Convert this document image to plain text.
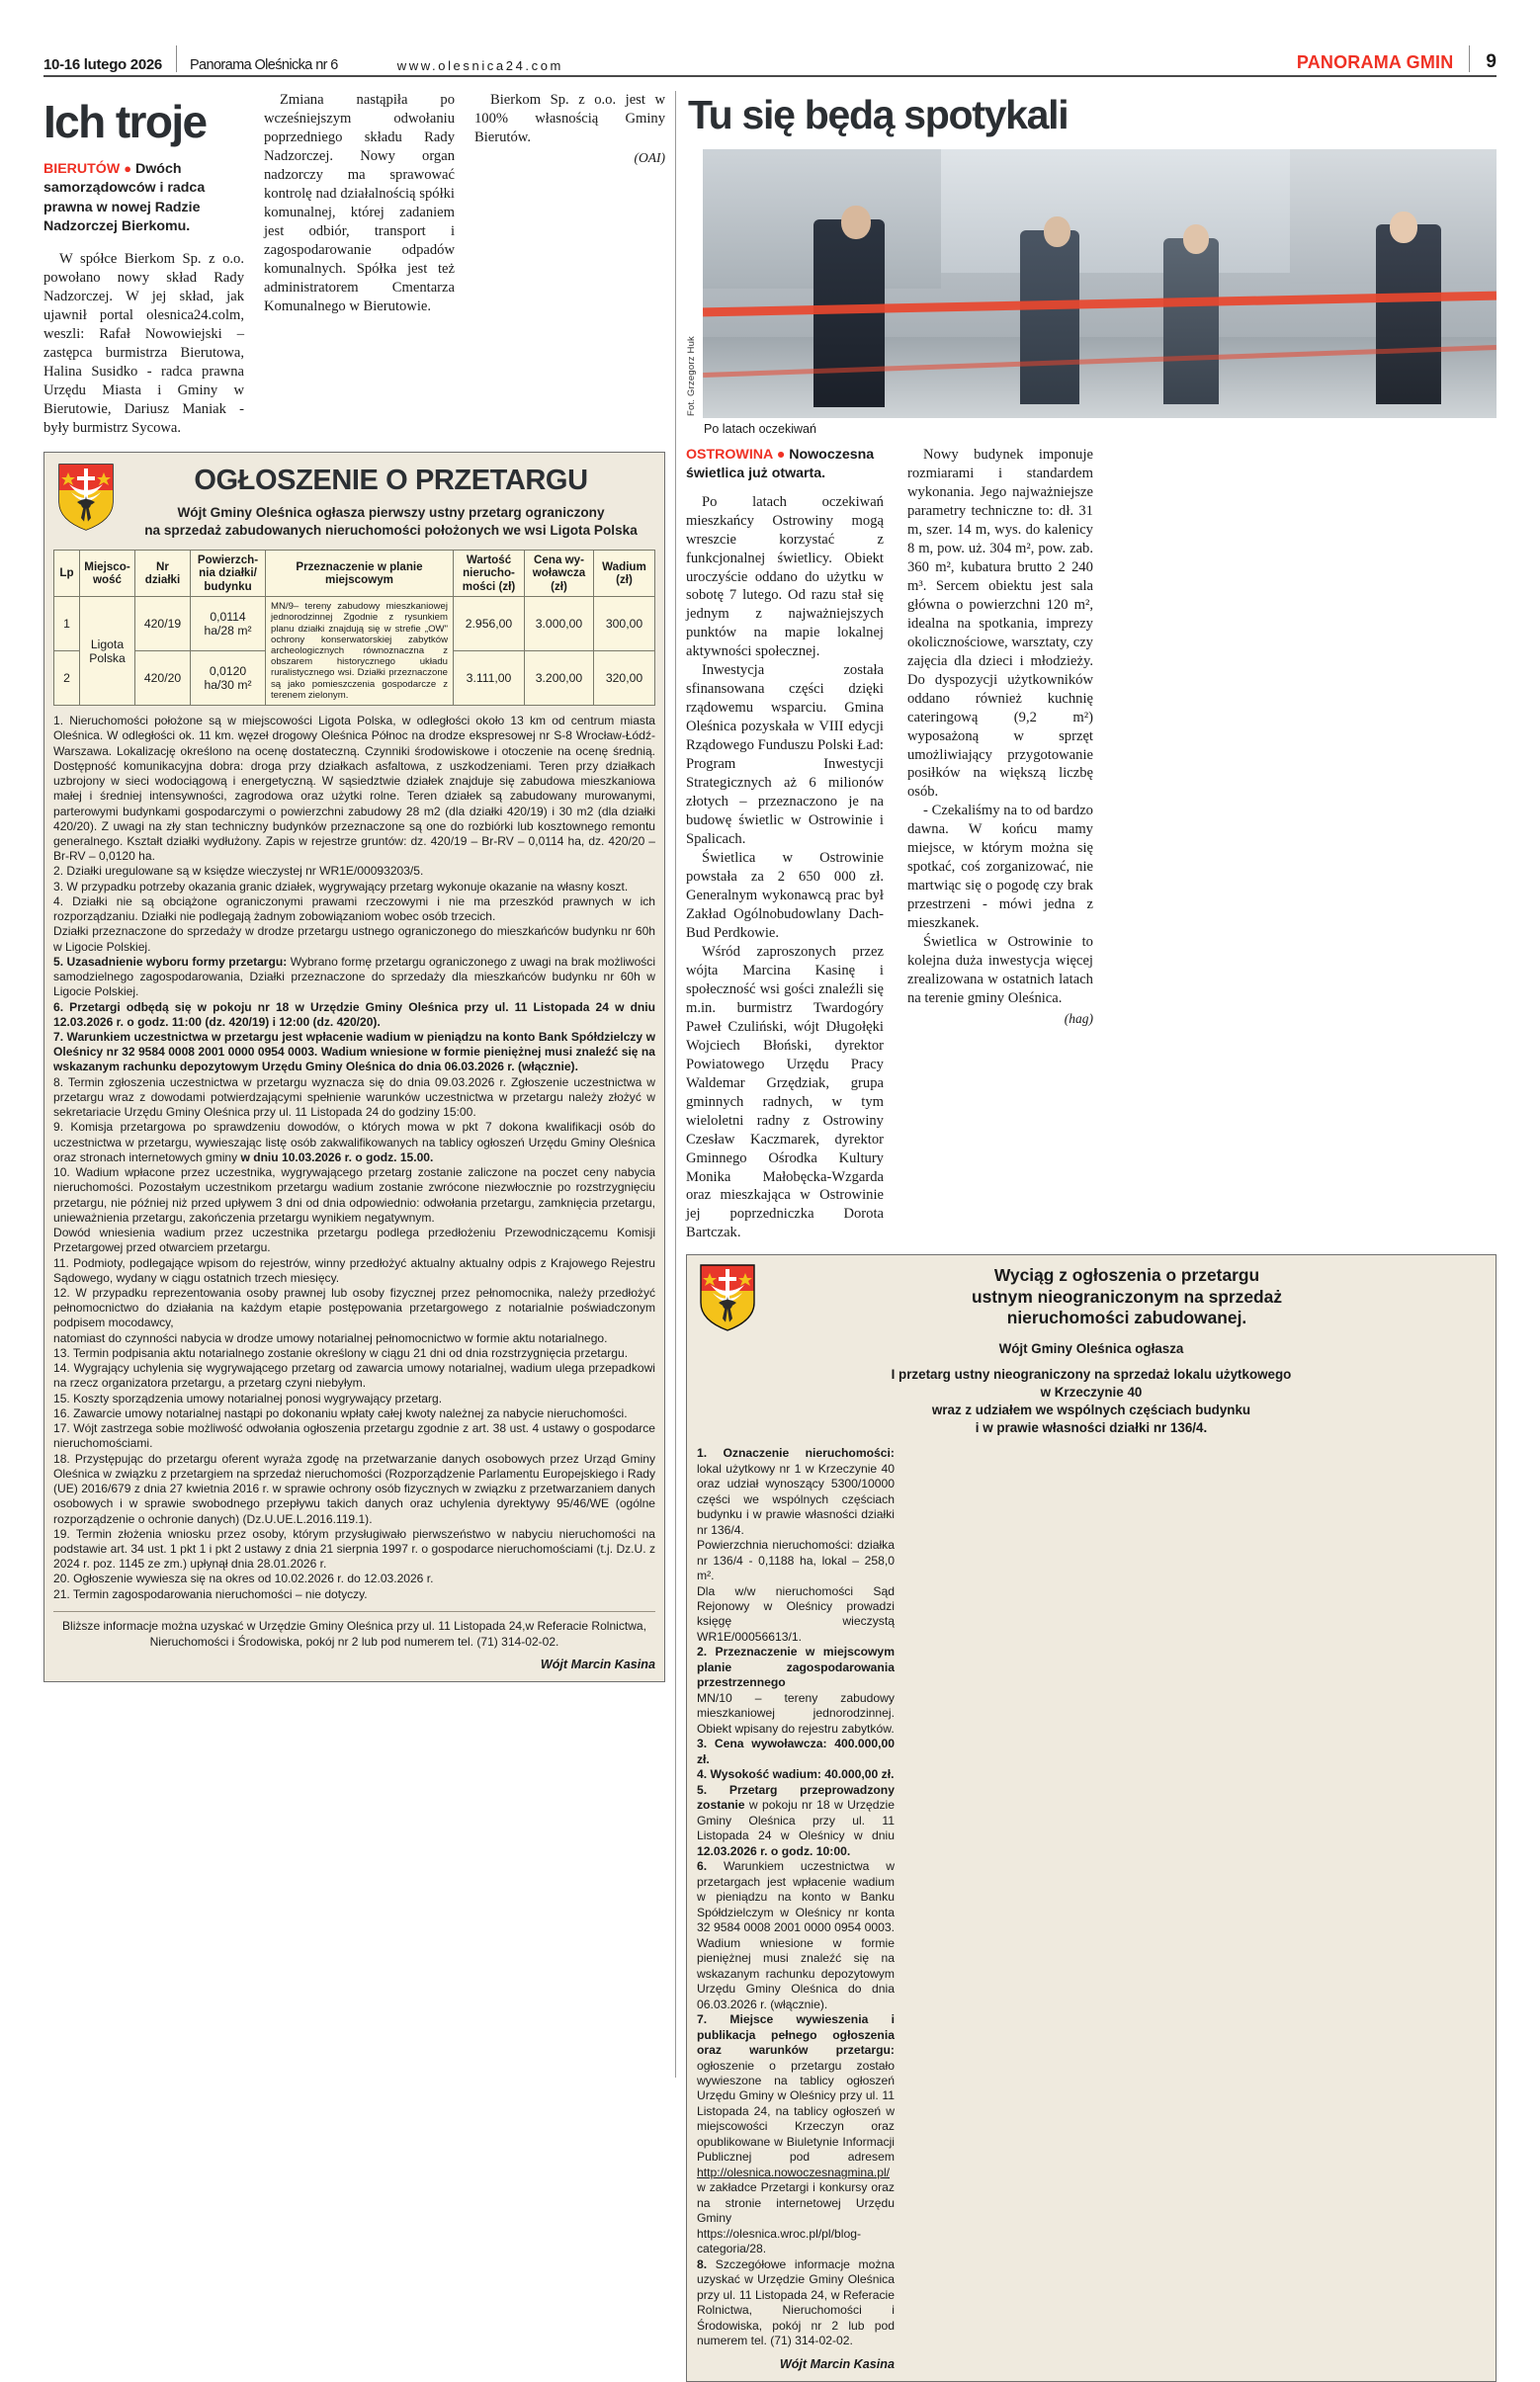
10-16 lutego 2026	Panorama Oleśnicka nr 6	www.olesnica24.com	PANORAMA GMIN	9
Ich troje
BIERUTÓW ● Dwóch samorządowców i radca prawna w nowej Radzie Nadzorczej Bierkomu.

W spółce Bierkom Sp. z o.o. powołano nowy skład Rady Nadzorczej. W jej skład, jak ujawnił portal olesnica24.colm, weszli: Rafał Nowowiejski – zastępca burmistrza Bierutowa, Halina Susidko - radca prawna Urzędu Miasta i Gminy w Bierutowie, Dariusz Maniak - były burmistrz Sycowa.

Zmiana nastąpiła po wcześniejszym odwołaniu poprzedniego składu Rady Nadzorczej. Nowy organ nadzorczy ma sprawować kontrolę nad działalnością spółki komunalnej, której zadaniem jest odbiór, transport i zagospodarowanie odpadów komunalnych. Spółka jest też administratorem Cmentarza Komunalnego w Bierutowie.

Bierkom Sp. z o.o. jest w 100% własnością Gminy Bierutów.

(OAI)
OGŁOSZENIE O PRZETARGU
Wójt Gminy Oleśnica ogłasza pierwszy ustny przetarg ograniczony
na sprzedaż zabudowanych nieruchomości położonych we wsi Ligota Polska
Lp	Miejsco-wość	Nr działki	Powierzch-nia działki/ budynku	Przeznaczenie w planie miejscowym	Wartość nierucho-mości (zł)	Cena wy-woławcza (zł)	Wadium (zł)
1	Ligota Polska	420/19	0,0114 ha/28 m²	MN/9– tereny zabudowy mieszkaniowej jednorodzinnej Zgodnie z rysunkiem planu działki znajdują się w strefie „OW" ochrony konserwatorskiej zabytków archeologicznych równoznaczna z obszarem historycznego układu ruralistycznego wsi. Działki przeznaczone są jako pomieszczenia gospodarcze z terenem zielonym.	2.956,00	3.000,00	300,00
2		420/20	0,0120 ha/30 m²		3.111,00	3.200,00	320,00

1. Nieruchomości położone są w miejscowości Ligota Polska, w odległości około 13 km od centrum miasta Oleśnica. W odległości ok. 11 km. węzeł drogowy Oleśnica Północ na drodze ekspresowej nr S-8 Wrocław-Łódź-Warszawa. Lokalizację określono na ocenę dostateczną. Czynniki środowiskowe i otoczenie na ocenę średnią. Dostępność komunikacyjna dobra: droga przy działkach asfaltowa, z uszkodzeniami. Teren przy działkach uzbrojony w sieci wodociągową i energetyczną. W sąsiedztwie działek znajduje się zabudowa mieszkaniowa małej i średniej intensywności, zagrodowa oraz użytki rolne. Teren działek są zabudowany murowanymi, parterowymi budynkami gospodarczymi o powierzchni zabudowy 28 m2 (dla działki 420/19) i 30 m2 (dla działki 420/20). Z uwagi na zły stan techniczny budynków przeznaczone są one do rozbiórki lub kosztownego remontu generalnego. Kształt działki wydłużony. Zapis w rejestrze gruntów: dz. 420/19 – Br-RV – 0,0114 ha, dz. 420/20 – Br-RV – 0,0120 ha.

2. Działki uregulowane są w księdze wieczystej nr WR1E/00093203/5.

3. W przypadku potrzeby okazania granic działek, wygrywający przetarg wykonuje okazanie na własny koszt.

4. Działki nie są obciążone ograniczonymi prawami rzeczowymi i nie ma przeszkód prawnych w ich rozporządzaniu. Działki nie podlegają żadnym zobowiązaniom wobec osób trzecich.

Działki przeznaczone do sprzedaży w drodze przetargu ustnego ograniczonego do mieszkańców budynku nr 60h w Ligocie Polskiej.

5. Uzasadnienie wyboru formy przetargu: Wybrano formę przetargu ograniczonego z uwagi na brak możliwości samodzielnego zagospodarowania, Działki przeznaczone do sprzedaży dla mieszkańców budynku nr 60h w Ligocie Polskiej.

6. Przetargi odbędą się w pokoju nr 18 w Urzędzie Gminy Oleśnica przy ul. 11 Listopada 24 w dniu 12.03.2026 r. o godz. 11:00 (dz. 420/19) i 12:00 (dz. 420/20).

7. Warunkiem uczestnictwa w przetargu jest wpłacenie wadium w pieniądzu na konto Bank Spółdzielczy w Oleśnicy nr 32 9584 0008 2001 0000 0954 0003. Wadium wniesione w formie pieniężnej musi znaleźć się na wskazanym rachunku depozytowym Urzędu Gminy Oleśnica do dnia 06.03.2026 r. (włącznie).

8. Termin zgłoszenia uczestnictwa w przetargu wyznacza się do dnia 09.03.2026 r. Zgłoszenie uczestnictwa w przetargu wraz z dowodami potwierdzającymi spełnienie warunków uczestnictwa w przetargu należy złożyć w sekretariacie Urzędu Gminy Oleśnica przy ul. 11 Listopada 24 do godziny 15:00.

9. Komisja przetargowa po sprawdzeniu dowodów, o których mowa w pkt 7 dokona kwalifikacji osób do uczestnictwa w przetargu, wywieszając listę osób zakwalifikowanych na tablicy ogłoszeń Urzędu Gminy Oleśnica oraz stronach internetowych gminy w dniu 10.03.2026 r. o godz. 15.00.

10. Wadium wpłacone przez uczestnika, wygrywającego przetarg zostanie zaliczone na poczet ceny nabycia nieruchomości. Pozostałym uczestnikom przetargu wadium zostanie zwrócone niezwłocznie po rozstrzygnięciu przetargu, nie później niż przed upływem 3 dni od dnia odpowiednio: odwołania przetargu, zamknięcia przetargu, unieważnienia przetargu, zakończenia przetargu wynikiem negatywnym.

Dowód wniesienia wadium przez uczestnika przetargu podlega przedłożeniu Przewodniczącemu Komisji Przetargowej przed otwarciem przetargu.

11. Podmioty, podlegające wpisom do rejestrów, winny przedłożyć aktualny aktualny odpis z Krajowego Rejestru Sądowego, wydany w ciągu ostatnich trzech miesięcy.

12. W przypadku reprezentowania osoby prawnej lub osoby fizycznej przez pełnomocnika, należy przedłożyć pełnomocnictwo do działania na każdym etapie postępowania przetargowego z notarialnie poświadczonym podpisem mocodawcy,

natomiast do czynności nabycia w drodze umowy notarialnej pełnomocnictwo w formie aktu notarialnego.

13. Termin podpisania aktu notarialnego zostanie określony w ciągu 21 dni od dnia rozstrzygnięcia przetargu.

14. Wygrający uchylenia się wygrywającego przetarg od zawarcia umowy notarialnej, wadium ulega przepadkowi na rzecz organizatora przetargu, a przetarg czyni niebyłym.

15. Koszty sporządzenia umowy notarialnej ponosi wygrywający przetarg.

16. Zawarcie umowy notarialnej nastąpi po dokonaniu wpłaty całej kwoty należnej za nabycie nieruchomości.

17. Wójt zastrzega sobie możliwość odwołania ogłoszenia przetargu zgodnie z art. 38 ust. 4 ustawy o gospodarce nieruchomościami.

18. Przystępując do przetargu oferent wyraża zgodę na przetwarzanie danych osobowych przez Urząd Gminy Oleśnica w związku z przetargiem na sprzedaż nieruchomości (Rozporządzenie Parlamentu Europejskiego i Rady (UE) 2016/679 z dnia 27 kwietnia 2016 r. w sprawie ochrony osób fizycznych w związku z przetwarzaniem danych osobowych i w sprawie swobodnego przepływu takich danych oraz uchylenia dyrektywy 95/46/WE (ogólne rozporządzenie o ochronie danych) (Dz.U.UE.L.2016.119.1).

19. Termin złożenia wniosku przez osoby, którym przysługiwało pierwszeństwo w nabyciu nieruchomości na podstawie art. 34 ust. 1 pkt 1 i pkt 2 ustawy z dnia 21 sierpnia 1997 r. o gospodarce nieruchomościami (t.j. Dz.U. z 2024 r. poz. 1145 ze zm.) upłynął dnia 28.01.2026 r.

20. Ogłoszenie wywiesza się na okres od 10.02.2026 r. do 12.03.2026 r.

21. Termin zagospodarowania nieruchomości – nie dotyczy.

Bliższe informacje można uzyskać w Urzędzie Gminy Oleśnica przy ul. 11 Listopada 24,w Referacie Rolnictwa,
Nieruchomości i Środowiska, pokój nr 2 lub pod numerem tel. (71) 314-02-02.
Wójt Marcin Kasina
Tu się będą spotykali
Fot. Grzegorz Huk
Po latach oczekiwań
OSTROWINA ● Nowoczesna świetlica już otwarta.

Po latach oczekiwań mieszkańcy Ostrowiny mogą wreszcie korzystać z funkcjonalnej świetlicy. Obiekt uroczyście oddano do użytku w sobotę 7 lutego. Od razu stał się jednym z najważniejszych punktów na mapie lokalnej aktywności społecznej.

Inwestycja została sfinansowana części dzięki rządowemu wsparciu. Gmina Oleśnica pozyskała w VIII edycji Rządowego Funduszu Polski Ład: Program Inwestycji Strategicznych aż 6 milionów złotych – przeznaczono je na budowę świetlic w Ostrowinie i Spalicach.

Świetlica w Ostrowinie powstała za 2 650 000 zł. Generalnym wykonawcą prac był Zakład Ogólnobudowlany Dach-Bud Perdkowie.

Wśród zaproszonych przez wójta Marcina Kasinę i społeczność wsi gości znaleźli się m.in. burmistrz Twardogóry Paweł Czuliński, wójt Długołęki Wojciech Błoński, dyrektor Powiatowego Urzędu Pracy Waldemar Grzędziak, grupa gminnych radnych, w tym wieloletni radny z Ostrowiny Czesław Kaczmarek, dyrektor Gminnego Ośrodka Kultury Monika Małobęcka-Wzgarda oraz mieszkająca w Ostrowinie jej poprzedniczka Dorota Bartczak.

Nowy budynek imponuje rozmiarami i standardem wykonania. Jego najważniejsze parametry techniczne to: dł. 31 m, szer. 14 m, wys. do kalenicy 8 m, pow. uż. 304 m², pow. zab. 360 m², kubatura brutto 2 240 m³. Sercem obiektu jest sala główna o powierzchni 120 m², idealna na spotkania, imprezy okolicznościowe, warsztaty, czy zajęcia dla dzieci i młodzieży. Do dyspozycji użytkowników oddano również kuchnię cateringową (9,2 m²) wyposażoną w sprzęt umożliwiający przygotowanie posiłków na większą liczbę osób.

- Czekaliśmy na to od bardzo dawna. W końcu mamy miejsce, w którym można się spotkać, coś zorganizować, nie martwiąc się o pogodę czy brak przestrzeni - mówi jedna z mieszkanek.

Świetlica w Ostrowinie to kolejna duża inwestycja więcej zrealizowana w ostatnich latach na terenie gminy Oleśnica.

(hag)
Wyciąg z ogłoszenia o przetargu
ustnym nieograniczonym na sprzedaż
nieruchomości zabudowanej.
Wójt Gminy Oleśnica ogłasza
I przetarg ustny nieograniczony na sprzedaż lokalu użytkowego
w Krzeczynie 40
wraz z udziałem we wspólnych częściach budynku
i w prawie własności działki nr 136/4.

1. Oznaczenie nieruchomości: lokal użytkowy nr 1 w Krzeczynie 40 oraz udział wynoszący 5300/10000 części we wspólnych częściach budynku i w prawie własności działki nr 136/4.

Powierzchnia nieruchomości: działka nr 136/4 - 0,1188 ha, lokal – 258,0 m².

Dla w/w nieruchomości Sąd Rejonowy w Oleśnicy prowadzi księgę wieczystą WR1E/00056613/1.

2. Przeznaczenie w miejscowym planie zagospodarowania przestrzennego

MN/10 – tereny zabudowy mieszkaniowej jednorodzinnej. Obiekt wpisany do rejestru zabytków.

3. Cena wywoławcza: 400.000,00 zł.

4. Wysokość wadium: 40.000,00 zł.

5. Przetarg przeprowadzony zostanie w pokoju nr 18 w Urzędzie Gminy Oleśnica przy ul. 11 Listopada 24 w Oleśnicy w dniu 12.03.2026 r. o godz. 10:00.

6. Warunkiem uczestnictwa w przetargach jest wpłacenie wadium w pieniądzu na konto w Banku Spółdzielczym w Oleśnicy nr konta 32 9584 0008 2001 0000 0954 0003. Wadium wniesione w formie pieniężnej musi znaleźć się na wskazanym rachunku depozytowym Urzędu Gminy Oleśnica do dnia 06.03.2026 r. (włącznie).

7. Miejsce wywieszenia i publikacja pełnego ogłoszenia oraz warunków przetargu: ogłoszenie o przetargu zostało wywieszone na tablicy ogłoszeń Urzędu Gminy w Oleśnicy przy ul. 11 Listopada 24, na tablicy ogłoszeń w miejscowości Krzeczyn oraz opublikowane w Biuletynie Informacji Publicznej pod adresem http://olesnica.nowoczesnagmina.pl/ w zakładce Przetargi i konkursy oraz na stronie internetowej Urzędu Gminy https://olesnica.wroc.pl/pl/blog-categoria/28.

8. Szczegółowe informacje można uzyskać w Urzędzie Gminy Oleśnica przy ul. 11 Listopada 24, w Referacie Rolnictwa, Nieruchomości i Środowiska, pokój nr 2 lub pod numerem tel. (71) 314-02-02.

Wójt Marcin Kasina
